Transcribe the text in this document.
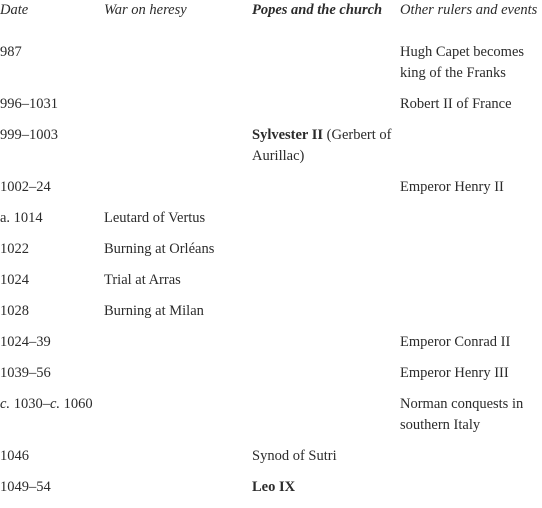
Date	War on heresy	Popes and the church	Other rulers and events
987			Hugh Capet becomes king of the Franks
996–1031			Robert II of France
999–1003		Sylvester II (Gerbert of Aurillac)	
1002–24			Emperor Henry II
a. 1014	Leutard of Vertus		
1022	Burning at Orléans		
1024	Trial at Arras		
1028	Burning at Milan		
1024–39			Emperor Conrad II
1039–56			Emperor Henry III
c. 1030–c. 1060			Norman conquests in southern Italy
1046		Synod of Sutri	
1049–54		Leo IX	
